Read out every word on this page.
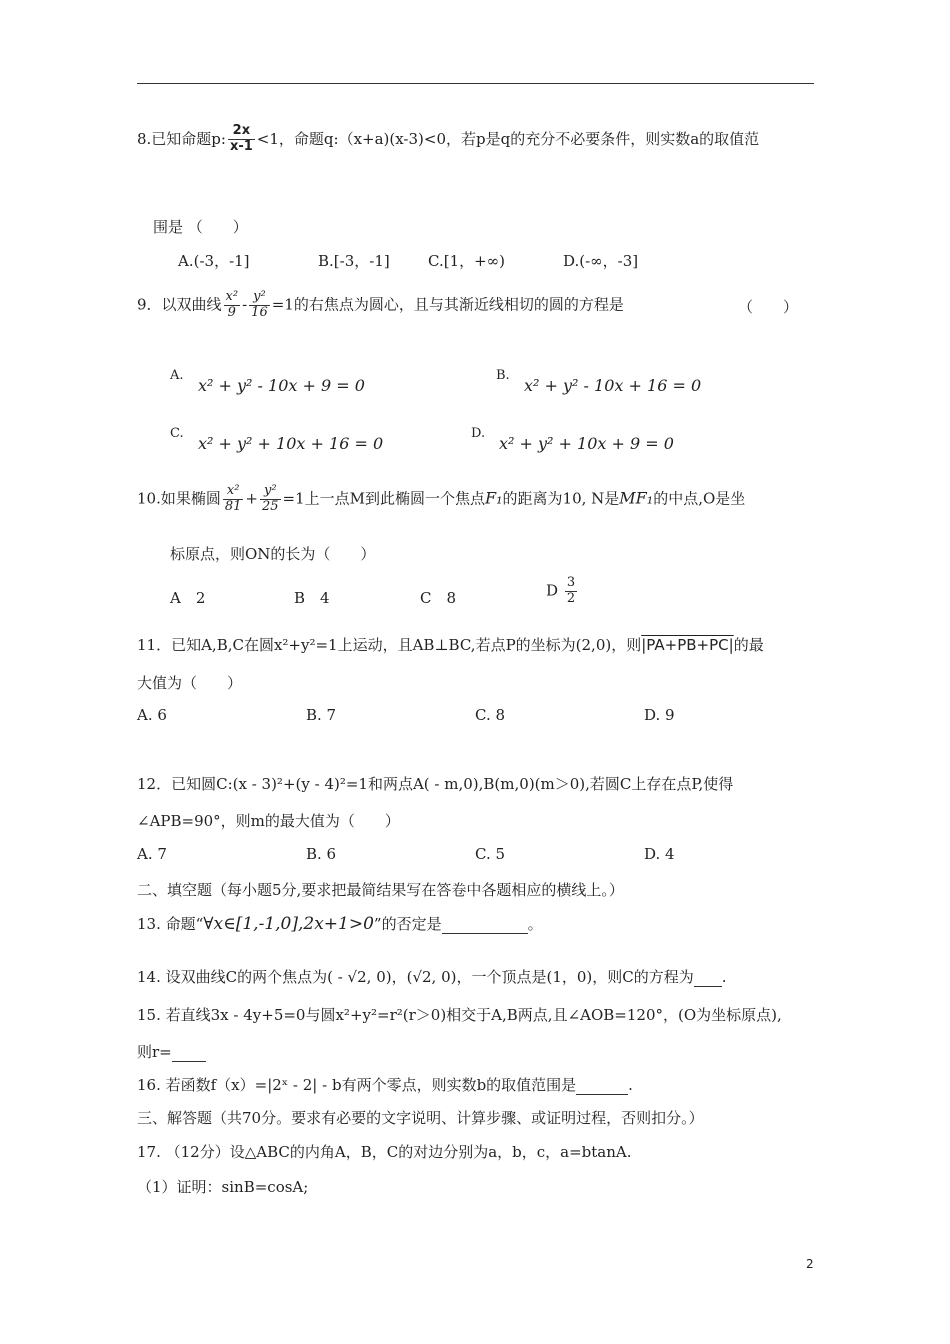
8.已知命题p: $\frac{2x}{x-1} <1$，命题q:（x+a)(x-3)<0，若p是q的充分不必要条件，则实数a的取值范
围是 （　　）
A.(-3，-1]	B.[-3，-1]	C.[1，+∞)	D.(-∞，-3]
9．以双曲线 $\frac{\text{x²}}{9} - \frac{\text{y²}}{16} =1$的右焦点为圆心，且与其渐近线相切的圆的方程是	（　　）
A.
x² + y² - 10x + 9 = 0
B.
x² + y² - 10x + 16 = 0
C.
x² + y² + 10x + 16 = 0
D.
x² + y² + 10x + 9 = 0
10.如果椭圆 $\frac{\text{x²}}{81} + \frac{\text{y²}}{25} =1$上一点M到此椭圆一个焦点F₁的距离为10, N是MF₁的中点,O是坐
标原点，则ON的长为（　　）
A　2	B　4	C　8	D $\frac{3}{2}$
11．已知A,B,C在圆x²+y²=1上运动，且AB⊥BC,若点P的坐标为(2,0)，则|PA+PB+PC|的最
大值为（　　）
A. 6	B. 7	C. 8	D. 9
12．已知圆C:(x - 3)²+(y - 4)²=1和两点A( - m,0),B(m,0)(m＞0),若圆C上存在点P,使得
∠APB=90°，则m的最大值为（　　）
A. 7	B. 6	C. 5	D. 4
二、填空题（每小题5分,要求把最简结果写在答卷中各题相应的横线上。）
13. 命题“∀x∈[1,-1,0],2x+1>0”的否定是	。
14. 设双曲线C的两个焦点为( - √2, 0)，(√2, 0)，一个顶点是(1，0)，则C的方程为 .
15. 若直线3x - 4y+5=0与圆x²+y²=r²(r＞0)相交于A,B两点,且∠AOB=120°，(O为坐标原点),
则r=
16. 若函数f（x）=|2ˣ - 2| - b有两个零点，则实数b的取值范围是	.
三、解答题（共70分。要求有必要的文字说明、计算步骤、或证明过程，否则扣分。）
17. （12分）设△ABC的内角A，B，C的对边分别为a，b，c，a=btanA.
（1）证明：sinB=cosA;
2
